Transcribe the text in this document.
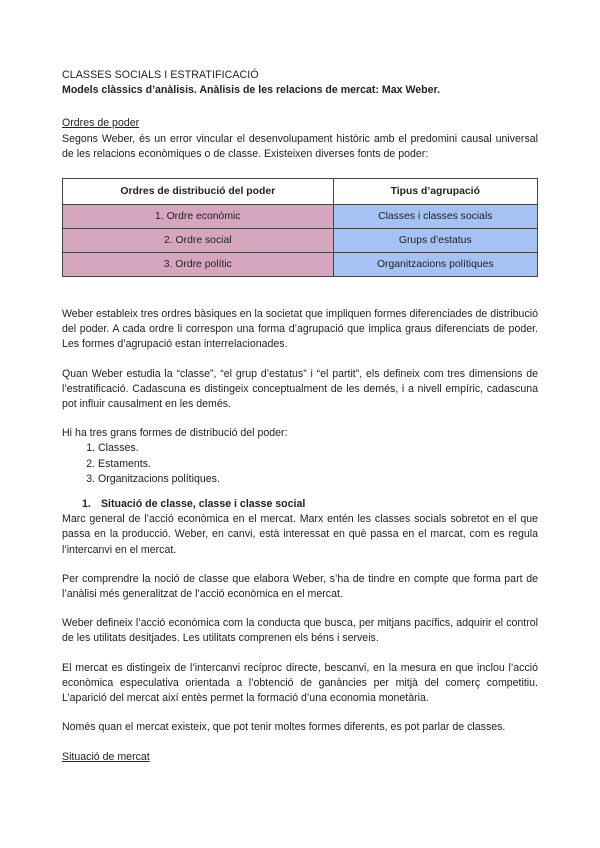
CLASSES SOCIALS I ESTRATIFICACIÓ
Models clàssics d’anàlisis. Anàlisis de les relacions de mercat: Max Weber.
Ordres de poder

Segons Weber, és un error vincular el desenvolupament històric amb el predomini causal universal de les relacions econòmiques o de classe. Existeixen diverses fonts de poder:

Ordres de distribució del poder	Tipus d’agrupació
1. Ordre econòmic	Classes i classes socials
2. Ordre social	Grups d’estatus
3. Ordre polític	Organitzacions polítiques

Weber estableix tres ordres bàsiques en la societat que impliquen formes diferenciades de distribució del poder. A cada ordre li correspon una forma d’agrupació que implica graus diferenciats de poder. Les formes d’agrupació estan interrelacionades.

Quan Weber estudia la “classe”, “el grup d’estatus” i “el partit”, els defineix com tres dimensions de l’estratificació. Cadascuna es distingeix conceptualment de les demés, i a nivell empíric, cadascuna pot influir causalment en les demés.

Hi ha tres grans formes de distribució del poder:

1. Classes.
2. Estaments.
3. Organitzacions polítiques.
1. Situació de classe, classe i classe social

Marc general de l’acció econòmica en el mercat. Marx entén les classes socials sobretot en el que passa en la producció. Weber, en canvi, està interessat en què passa en el marcat, com es regula l’intercanvi en el mercat.

Per comprendre la noció de classe que elabora Weber, s’ha de tindre en compte que forma part de l’anàlisi més generalitzat de l’acció econòmica en el mercat.

Weber defineix l’acció econòmica com la conducta que busca, per mitjans pacífics, adquirir el control de les utilitats desitjades. Les utilitats comprenen els béns i serveis.

El mercat es distingeix de l’intercanvi recíproc directe, bescanvi, en la mesura en que inclou l’acció econòmica especulativa orientada a l’obtenció de ganàncies per mitjà del comerç competitiu. L’aparició del mercat així entès permet la formació d’una economia monetària.

Només quan el mercat existeix, que pot tenir moltes formes diferents, es pot parlar de classes.

Situació de mercat
